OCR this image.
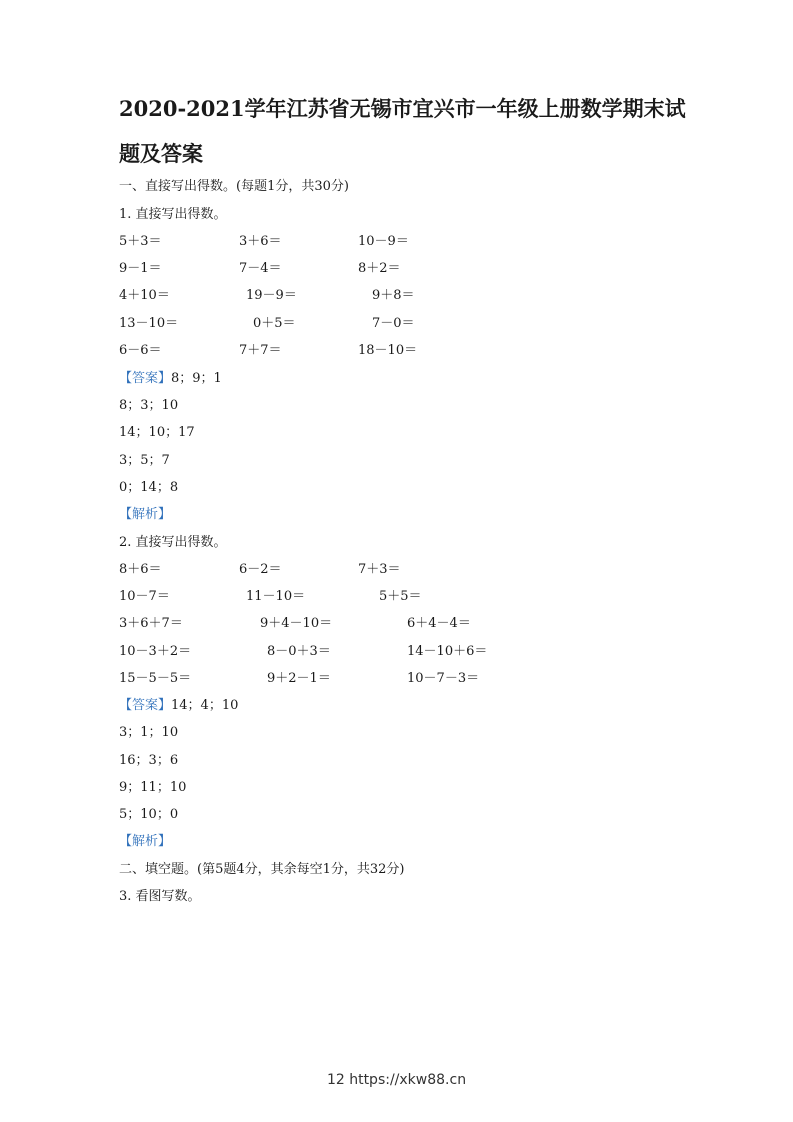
2020-2021学年江苏省无锡市宜兴市一年级上册数学期末试
题及答案
一、直接写出得数。(每题1分，共30分)
1. 直接写出得数。
5＋3＝	3＋6＝	10－9＝
9－1＝	7－4＝	8＋2＝
4＋10＝	19－9＝	9＋8＝
13－10＝	0＋5＝	7－0＝
6－6＝	7＋7＝	18－10＝
【答案】8；9；1
8；3；10
14；10；17
3；5；7
0；14；8
【解析】
2. 直接写出得数。
8＋6＝	6－2＝	7＋3＝
10－7＝	11－10＝	5＋5＝
3＋6＋7＝	9＋4－10＝	6＋4－4＝
10－3＋2＝	8－0＋3＝	14－10＋6＝
15－5－5＝	9＋2－1＝	10－7－3＝
【答案】14；4；10
3；1；10
16；3；6
9；11；10
5；10；0
【解析】
二、填空题。(第5题4分，其余每空1分，共32分)
3. 看图写数。
12 https://xkw88.cn
